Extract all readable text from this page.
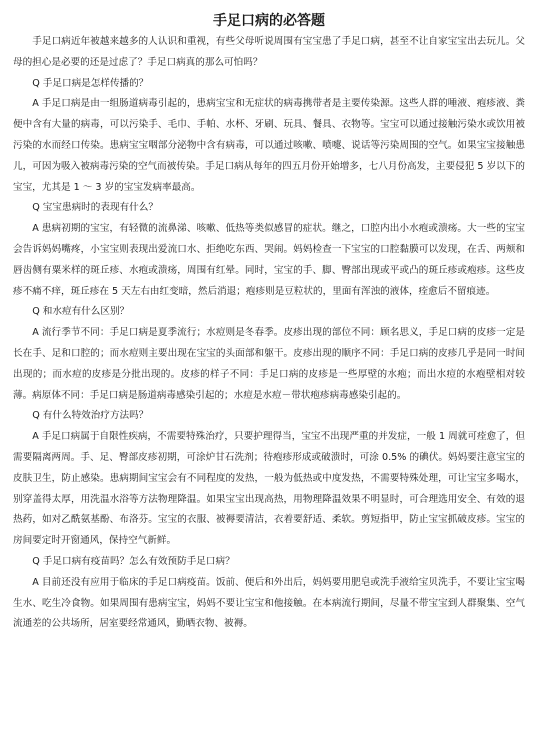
手足口病的必答题

手足口病近年被越来越多的人认识和重视，有些父母听说周围有宝宝患了手足口病，甚至不让自家宝宝出去玩儿。父母的担心是必要的还是过虑了？手足口病真的那么可怕吗？

Q 手足口病是怎样传播的？

A 手足口病是由一组肠道病毒引起的，患病宝宝和无症状的病毒携带者是主要传染源。这些人群的唾液、疱疹液、粪便中含有大量的病毒，可以污染手、毛巾、手帕、水杯、牙刷、玩具、餐具、衣物等。宝宝可以通过接触污染水或饮用被污染的水而经口传染。患病宝宝咽部分泌物中含有病毒，可以通过咳嗽、喷嚏、说话等污染周围的空气。如果宝宝接触患儿，可因为吸入被病毒污染的空气而被传染。手足口病从每年的四五月份开始增多，七八月份高发，主要侵犯 5 岁以下的宝宝，尤其是 1 ～ 3 岁的宝宝发病率最高。

Q 宝宝患病时的表现有什么？

A 患病初期的宝宝，有轻微的流鼻涕、咳嗽、低热等类似感冒的症状。继之，口腔内出小水疱或溃疡。大一些的宝宝会告诉妈妈嘴疼，小宝宝则表现出爱流口水、拒绝吃东西、哭闹。妈妈检查一下宝宝的口腔黏膜可以发现，在舌、两颊和唇齿侧有粟米样的斑丘疹、水疱或溃疡，周围有红晕。同时，宝宝的手、脚、臀部出现或平或凸的斑丘疹或疱疹。这些皮疹不痛不痒，斑丘疹在 5 天左右由红变暗，然后消退；疱疹则是豆粒状的，里面有浑浊的液体，痊愈后不留痕迹。

Q 和水痘有什么区别？

A 流行季节不同：手足口病是夏季流行；水痘则是冬春季。皮疹出现的部位不同：顾名思义，手足口病的皮疹一定是长在手、足和口腔的；而水痘则主要出现在宝宝的头面部和躯干。皮疹出现的顺序不同：手足口病的皮疹几乎是同一时间出现的；而水痘的皮疹是分批出现的。皮疹的样子不同：手足口病的皮疹是一些厚壁的水疱；而出水痘的水疱壁相对较薄。病原体不同：手足口病是肠道病毒感染引起的；水痘是水痘－带状疱疹病毒感染引起的。

Q 有什么特效治疗方法吗？

A 手足口病属于自限性疾病，不需要特殊治疗，只要护理得当，宝宝不出现严重的并发症，一般 1 周就可痊愈了，但需要隔离两周。手、足、臀部皮疹初期，可涂炉甘石洗剂；待疱疹形成或破溃时，可涂 0.5% 的碘伏。妈妈要注意宝宝的皮肤卫生，防止感染。患病期间宝宝会有不同程度的发热，一般为低热或中度发热，不需要特殊处理，可让宝宝多喝水，别穿盖得太厚，用洗温水浴等方法物理降温。如果宝宝出现高热，用物理降温效果不明显时，可合理选用安全、有效的退热药，如对乙酰氨基酚、布洛芬。宝宝的衣服、被褥要清洁，衣着要舒适、柔软。剪短指甲，防止宝宝抓破皮疹。宝宝的房间要定时开窗通风，保持空气新鲜。

Q 手足口病有疫苗吗？怎么有效预防手足口病？

A 目前还没有应用于临床的手足口病疫苗。饭前、便后和外出后，妈妈要用肥皂或洗手液给宝贝洗手，不要让宝宝喝生水、吃生冷食物。如果周围有患病宝宝，妈妈不要让宝宝和他接触。在本病流行期间，尽量不带宝宝到人群聚集、空气流通差的公共场所，居室要经常通风，勤晒衣物、被褥。
